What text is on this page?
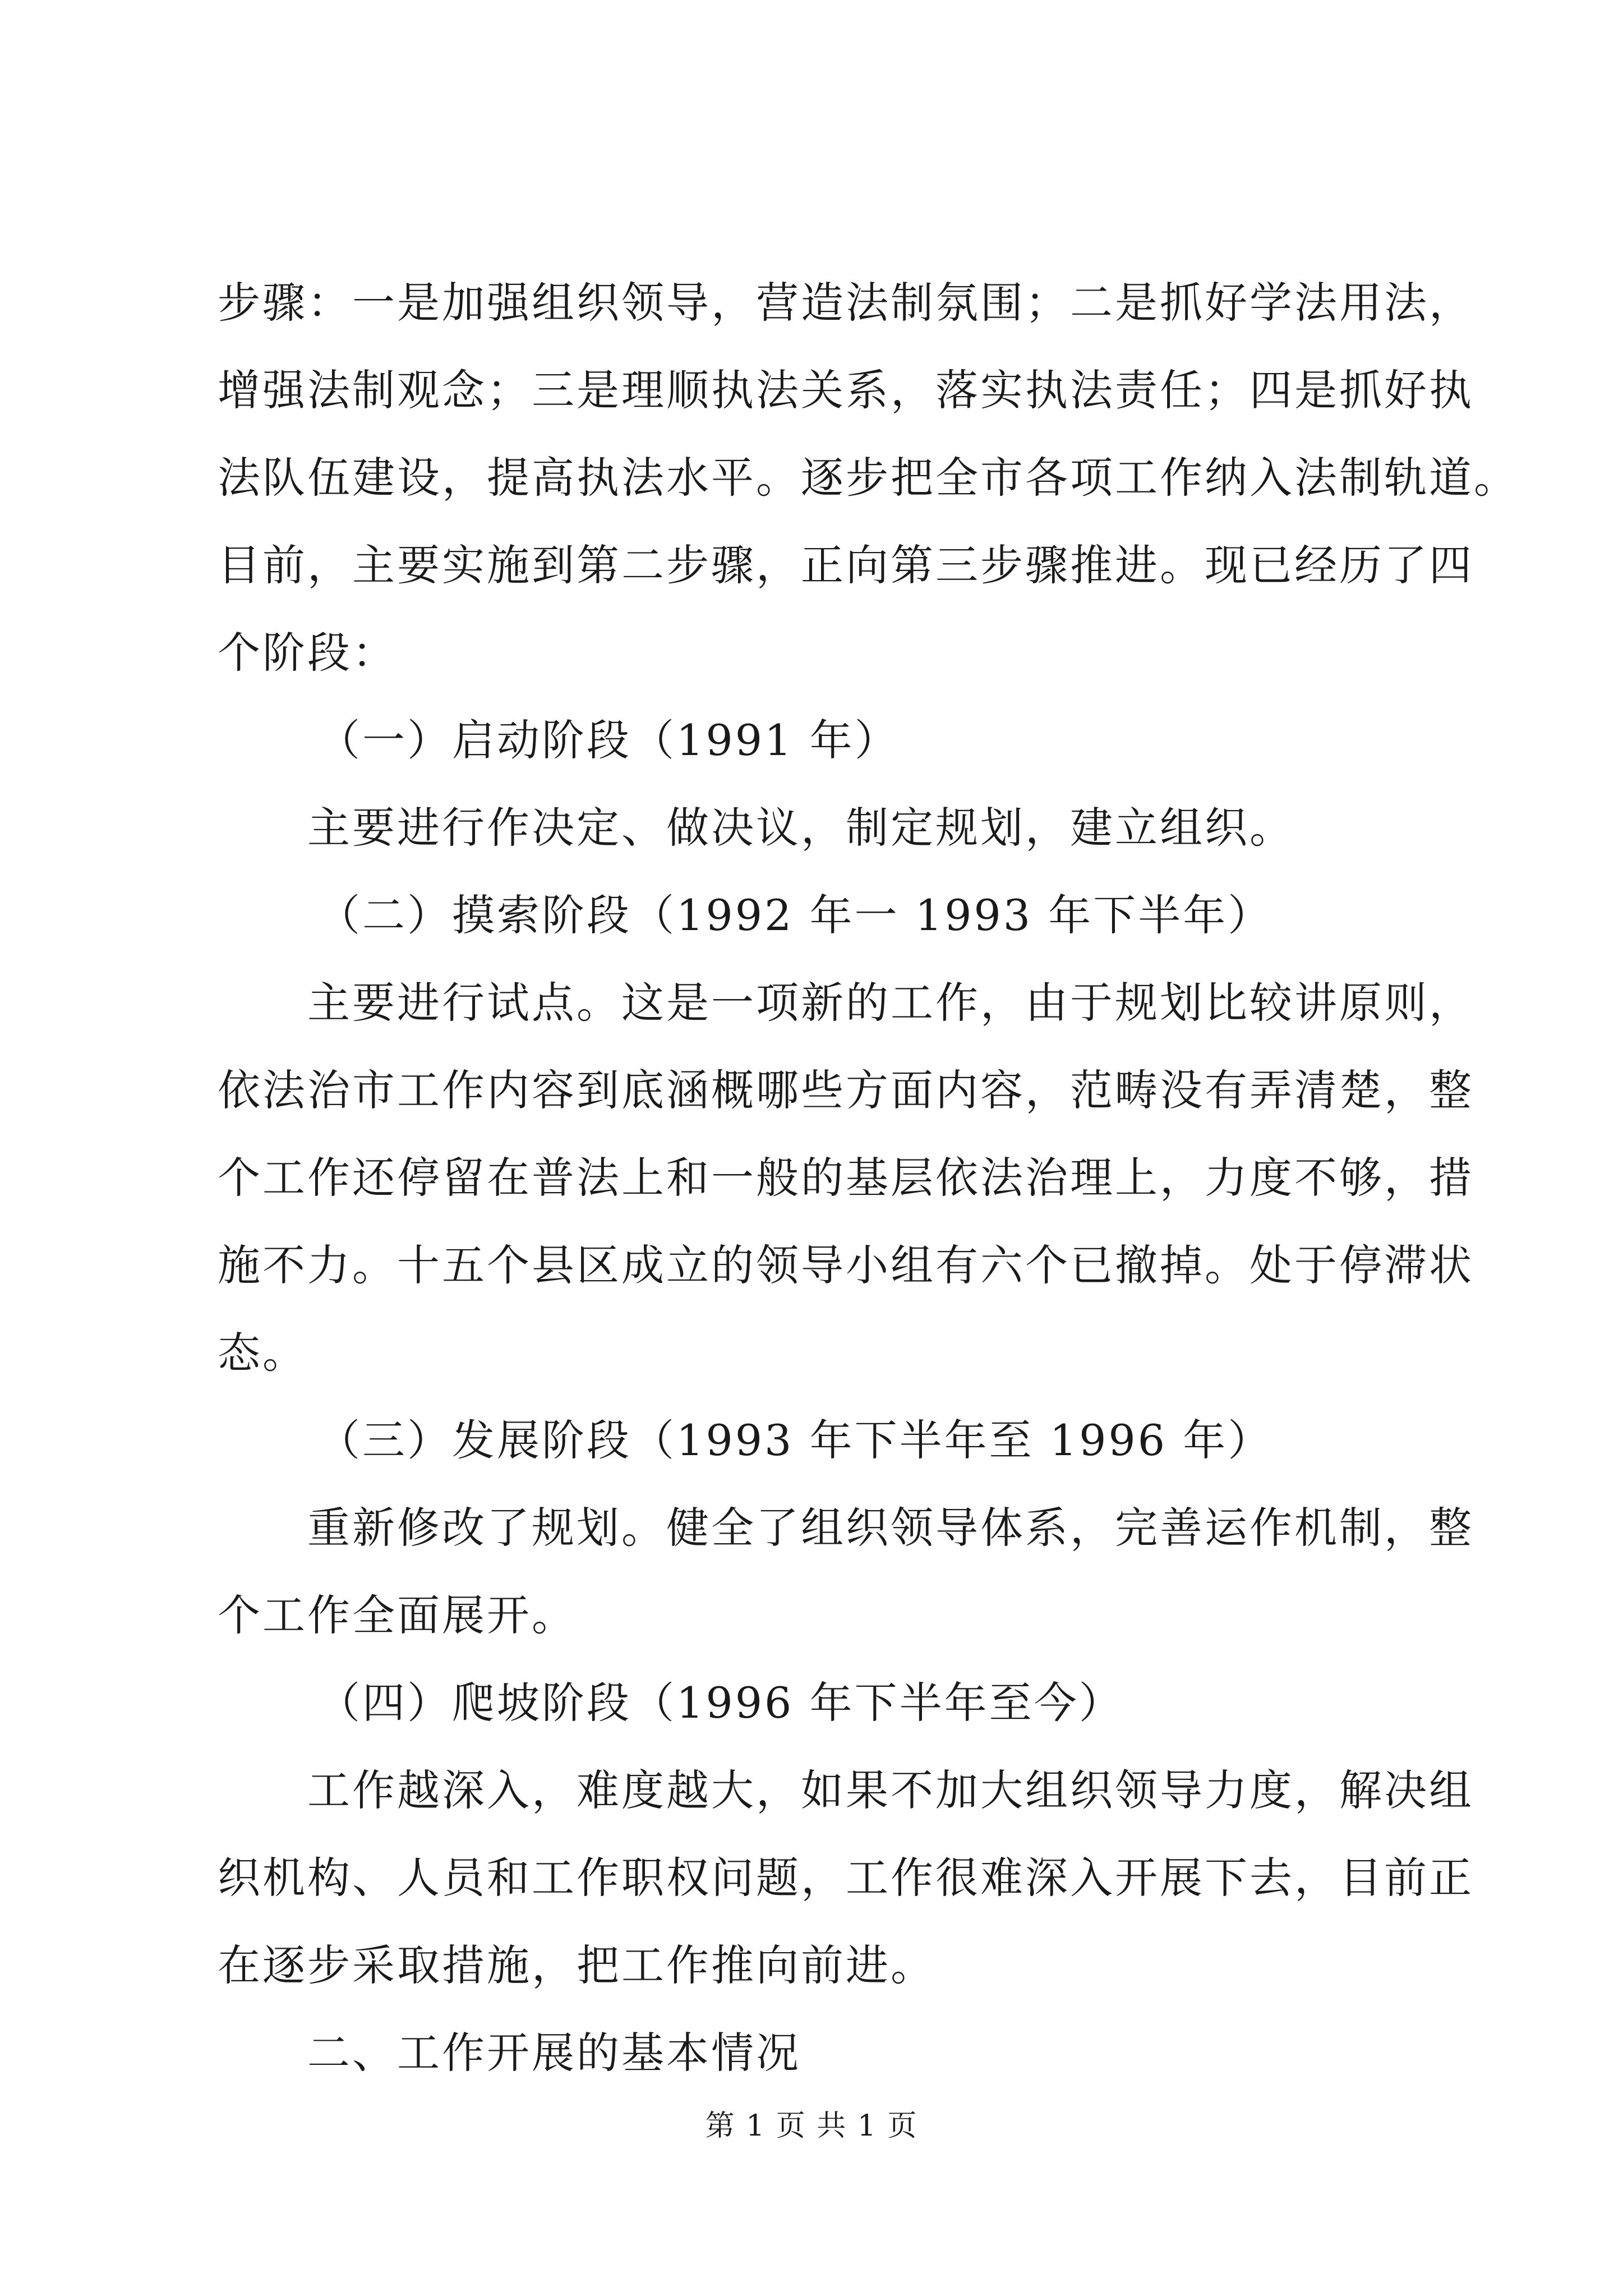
步骤：一是加强组织领导，营造法制氛围；二是抓好学法用法，
增强法制观念；三是理顺执法关系，落实执法责任；四是抓好执
法队伍建设，提高执法水平。逐步把全市各项工作纳入法制轨道。
目前，主要实施到第二步骤，正向第三步骤推进。现已经历了四
个阶段：
（一）启动阶段（1991 年）
主要进行作决定、做决议，制定规划，建立组织。
（二）摸索阶段（1992 年一 1993 年下半年）
主要进行试点。这是一项新的工作，由于规划比较讲原则，
依法治市工作内容到底涵概哪些方面内容，范畴没有弄清楚，整
个工作还停留在普法上和一般的基层依法治理上，力度不够，措
施不力。十五个县区成立的领导小组有六个已撤掉。处于停滞状
态。
（三）发展阶段（1993 年下半年至 1996 年）
重新修改了规划。健全了组织领导体系，完善运作机制，整
个工作全面展开。
（四）爬坡阶段（1996 年下半年至今）
工作越深入，难度越大，如果不加大组织领导力度，解决组
织机构、人员和工作职权问题，工作很难深入开展下去，目前正
在逐步采取措施，把工作推向前进。
二、工作开展的基本情况
第 1 页 共 1 页
